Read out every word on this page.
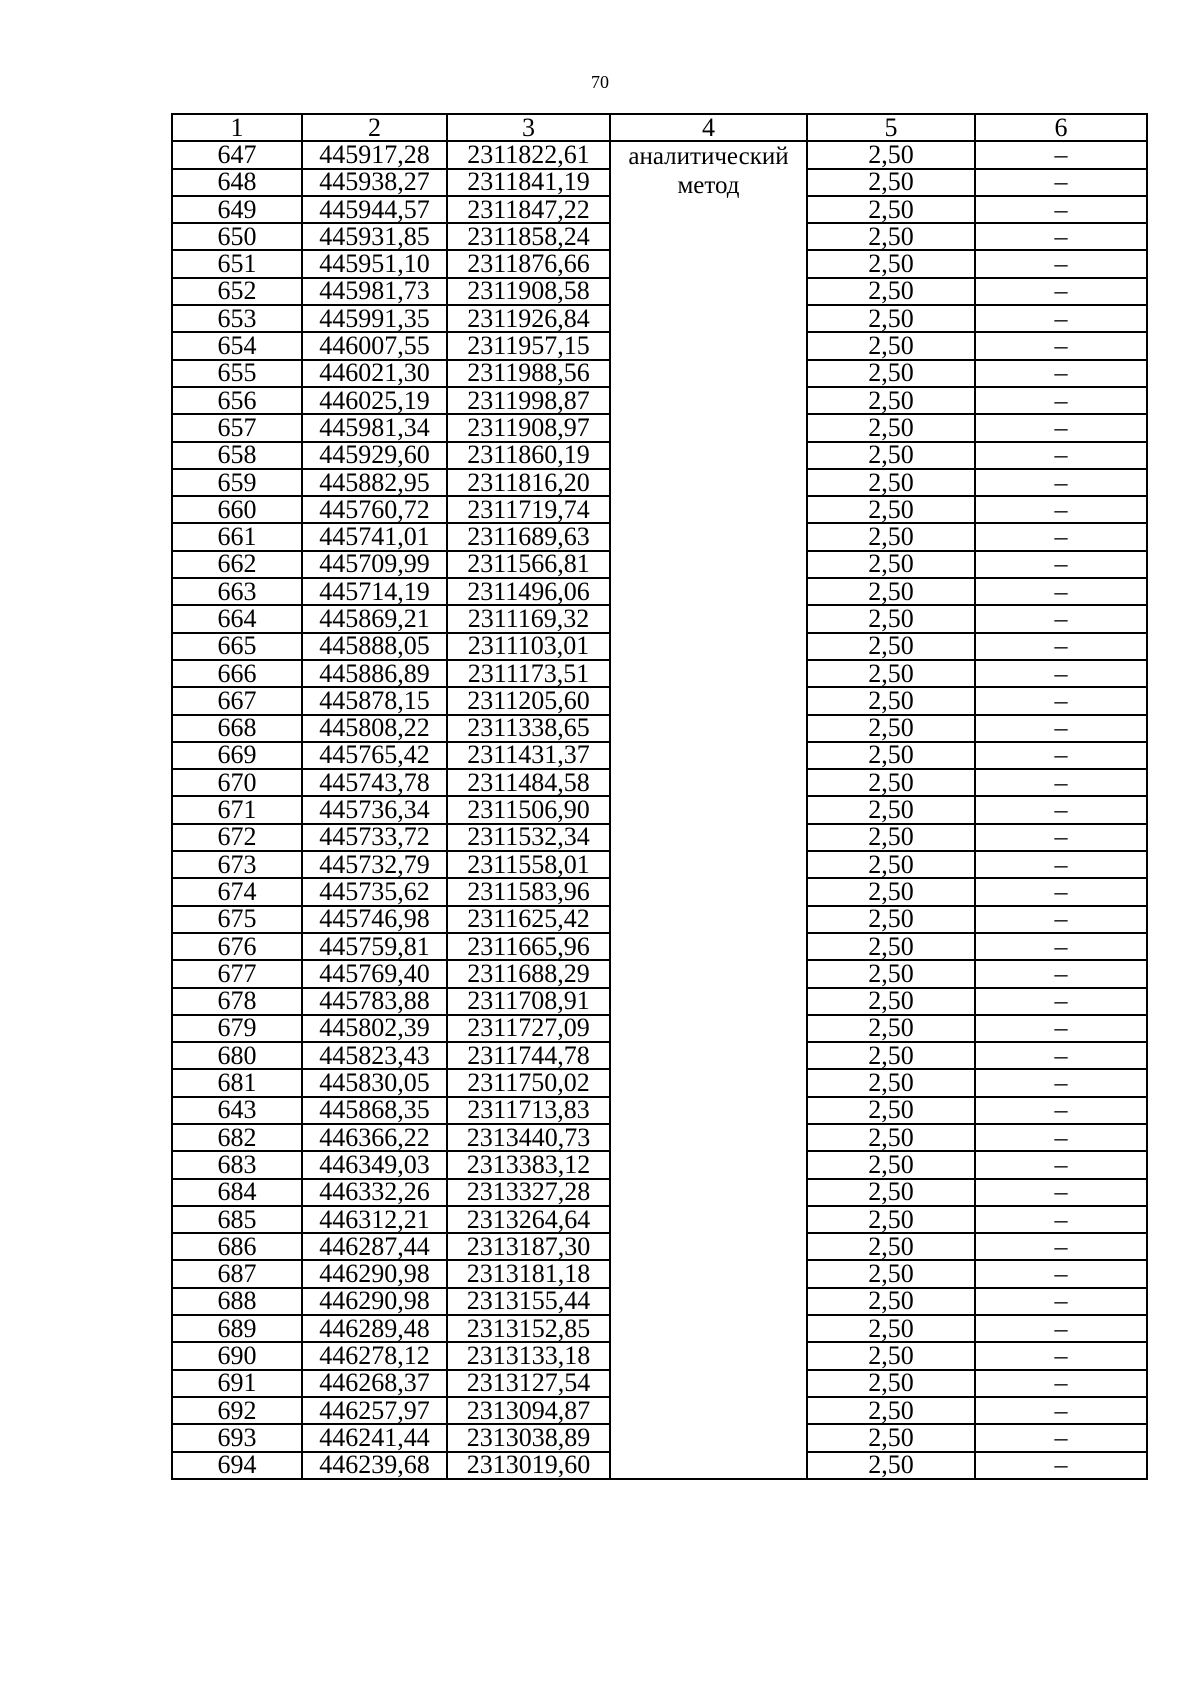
70
1	2	3	4	5	6
647	445917,28	2311822,61	аналитический метод	2,50	–
648	445938,27	2311841,19		2,50	–
649	445944,57	2311847,22		2,50	–
650	445931,85	2311858,24		2,50	–
651	445951,10	2311876,66		2,50	–
652	445981,73	2311908,58		2,50	–
653	445991,35	2311926,84		2,50	–
654	446007,55	2311957,15		2,50	–
655	446021,30	2311988,56		2,50	–
656	446025,19	2311998,87		2,50	–
657	445981,34	2311908,97		2,50	–
658	445929,60	2311860,19		2,50	–
659	445882,95	2311816,20		2,50	–
660	445760,72	2311719,74		2,50	–
661	445741,01	2311689,63		2,50	–
662	445709,99	2311566,81		2,50	–
663	445714,19	2311496,06		2,50	–
664	445869,21	2311169,32		2,50	–
665	445888,05	2311103,01		2,50	–
666	445886,89	2311173,51		2,50	–
667	445878,15	2311205,60		2,50	–
668	445808,22	2311338,65		2,50	–
669	445765,42	2311431,37		2,50	–
670	445743,78	2311484,58		2,50	–
671	445736,34	2311506,90		2,50	–
672	445733,72	2311532,34		2,50	–
673	445732,79	2311558,01		2,50	–
674	445735,62	2311583,96		2,50	–
675	445746,98	2311625,42		2,50	–
676	445759,81	2311665,96		2,50	–
677	445769,40	2311688,29		2,50	–
678	445783,88	2311708,91		2,50	–
679	445802,39	2311727,09		2,50	–
680	445823,43	2311744,78		2,50	–
681	445830,05	2311750,02		2,50	–
643	445868,35	2311713,83		2,50	–
682	446366,22	2313440,73		2,50	–
683	446349,03	2313383,12		2,50	–
684	446332,26	2313327,28		2,50	–
685	446312,21	2313264,64		2,50	–
686	446287,44	2313187,30		2,50	–
687	446290,98	2313181,18		2,50	–
688	446290,98	2313155,44		2,50	–
689	446289,48	2313152,85		2,50	–
690	446278,12	2313133,18		2,50	–
691	446268,37	2313127,54		2,50	–
692	446257,97	2313094,87		2,50	–
693	446241,44	2313038,89		2,50	–
694	446239,68	2313019,60		2,50	–
